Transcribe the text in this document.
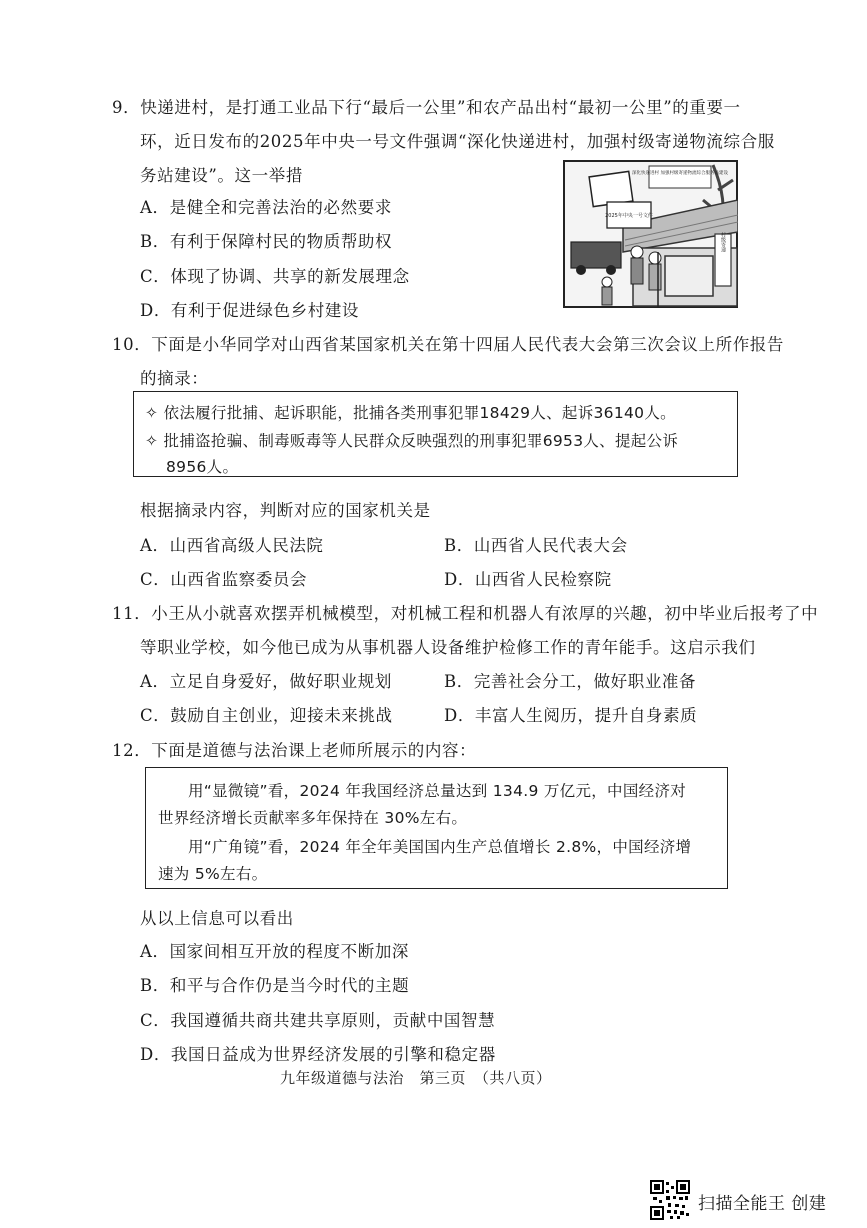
9．快递进村，是打通工业品下行“最后一公里”和农产品出村“最初一公里”的重要一
环，近日发布的2025年中央一号文件强调“深化快递进村，加强村级寄递物流综合服
务站建设”。这一举措
A．是健全和完善法治的必然要求
B．有利于保障村民的物质帮助权
C．体现了协调、共享的新发展理念
D．有利于促进绿色乡村建设
村级寄递
深化快递进村 加强村级寄递物流综合服务站建设
2025年中央一号文件
10．下面是小华同学对山西省某国家机关在第十四届人民代表大会第三次会议上所作报告
的摘录：
✧ 依法履行批捕、起诉职能，批捕各类刑事犯罪18429人、起诉36140人。
✧ 批捕盗抢骗、制毒贩毒等人民群众反映强烈的刑事犯罪6953人、提起公诉
8956人。
根据摘录内容，判断对应的国家机关是
A．山西省高级人民法院	B．山西省人民代表大会
C．山西省监察委员会	D．山西省人民检察院
11．小王从小就喜欢摆弄机械模型，对机械工程和机器人有浓厚的兴趣，初中毕业后报考了中
等职业学校，如今他已成为从事机器人设备维护检修工作的青年能手。这启示我们
A．立足自身爱好，做好职业规划	B．完善社会分工，做好职业准备
C．鼓励自主创业，迎接未来挑战	D．丰富人生阅历，提升自身素质
12．下面是道德与法治课上老师所展示的内容：
用“显微镜”看，2024 年我国经济总量达到 134.9 万亿元，中国经济对
世界经济增长贡献率多年保持在 30%左右。
用“广角镜”看，2024 年全年美国国内生产总值增长 2.8%，中国经济增
速为 5%左右。
从以上信息可以看出
A．国家间相互开放的程度不断加深
B．和平与合作仍是当今时代的主题
C．我国遵循共商共建共享原则，贡献中国智慧
D．我国日益成为世界经济发展的引擎和稳定器
九年级道德与法治　第三页　（共八页）
扫描全能王 创建
